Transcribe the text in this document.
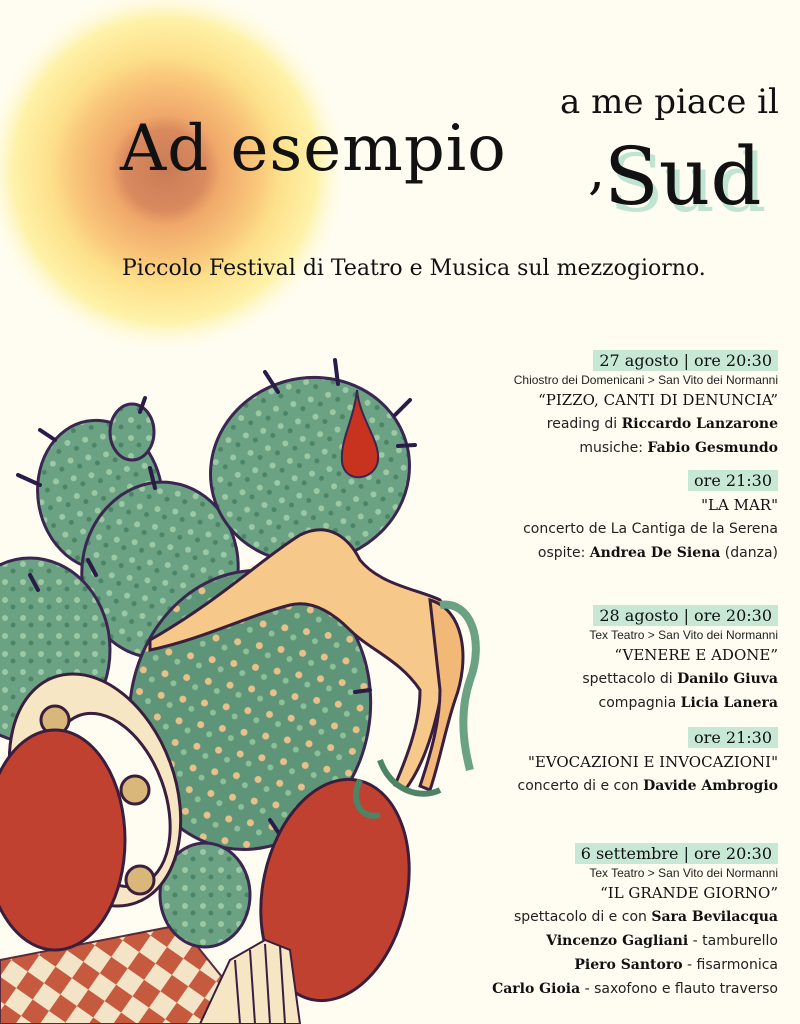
a me piace il
Ad esempio ,
Sud
Piccolo Festival di Teatro e Musica sul mezzogiorno.
27 agosto | ore 20:30
Chiostro dei Domenicani > San Vito dei Normanni
“PIZZO, CANTI DI DENUNCIA”
reading di Riccardo Lanzarone
musiche: Fabio Gesmundo
ore 21:30
"LA MAR"
concerto de La Cantiga de la Serena
ospite: Andrea De Siena (danza)
28 agosto | ore 20:30
Tex Teatro > San Vito dei Normanni
“VENERE E ADONE”
spettacolo di Danilo Giuva
compagnia Licia Lanera
ore 21:30
"EVOCAZIONI E INVOCAZIONI"
concerto di e con Davide Ambrogio
6 settembre | ore 20:30
Tex Teatro > San Vito dei Normanni
“IL GRANDE GIORNO”
spettacolo di e con Sara Bevilacqua
Vincenzo Gagliani - tamburello
Piero Santoro - fisarmonica
Carlo Gioia - saxofono e flauto traverso
